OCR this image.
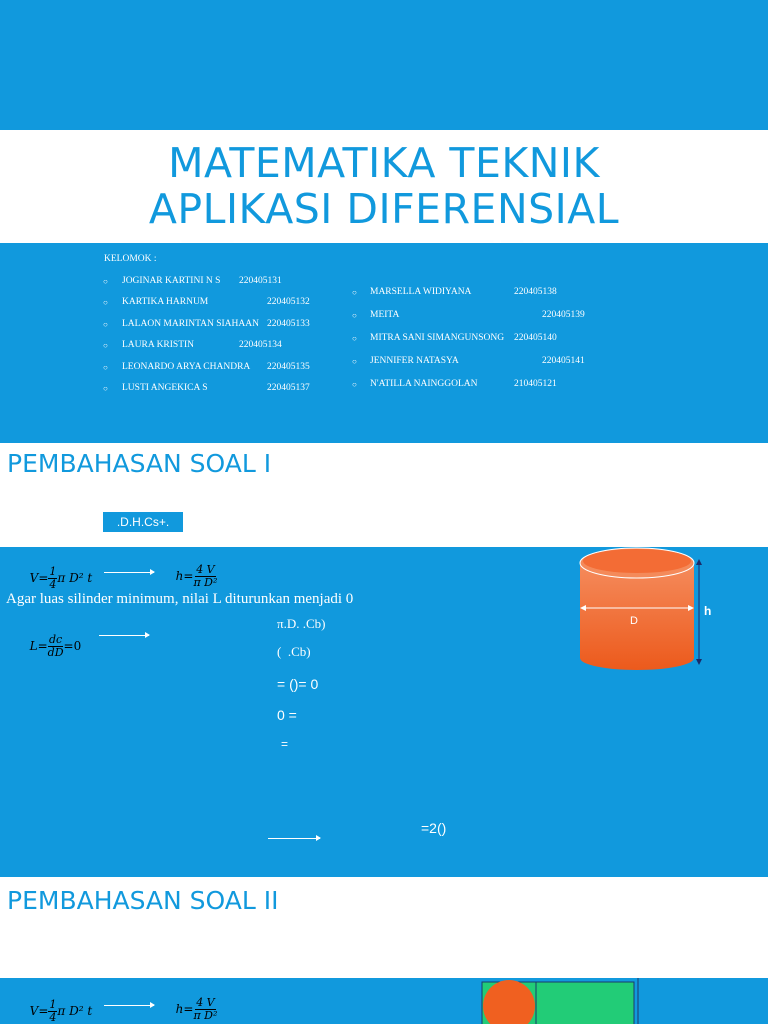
MATEMATIKA TEKNIK
APLIKASI DIFERENSIAL
KELOMOK :
○ JOGINAR KARTINI N S 220405131
○ KARTIKA HARNUM	220405132
○ LALAON MARINTAN SIAHAAN 220405133
○ LAURA KRISTIN	220405134
○ LEONARDO ARYA CHANDRA 220405135
○ LUSTI ANGEKICA S	220405137
○ MARSELLA WIDIYANA	220405138
○ MEITA	220405139
○ MITRA SANI SIMANGUNSONG 220405140
○ JENNIFER NATASYA	220405141
○ N'ATILLA NAINGGOLAN	210405121
PEMBAHASAN SOAL I
.D.H.Cs+.

$V= \frac{1}{4}$ π D² t	$h= \frac{4 V}{\text{π D²}}$

Agar luas silinder minimum, nilai L diturunkan menjadi 0

$L= \frac{dc}{dD} =0$

π.D. .Cb)
(  .Cb)
= ()= 0
0 =
=
=2()
D
h
PEMBAHASAN SOAL II

$V= \frac{1}{4}$ π D² t	$h= \frac{4 V}{\text{π D²}}$
